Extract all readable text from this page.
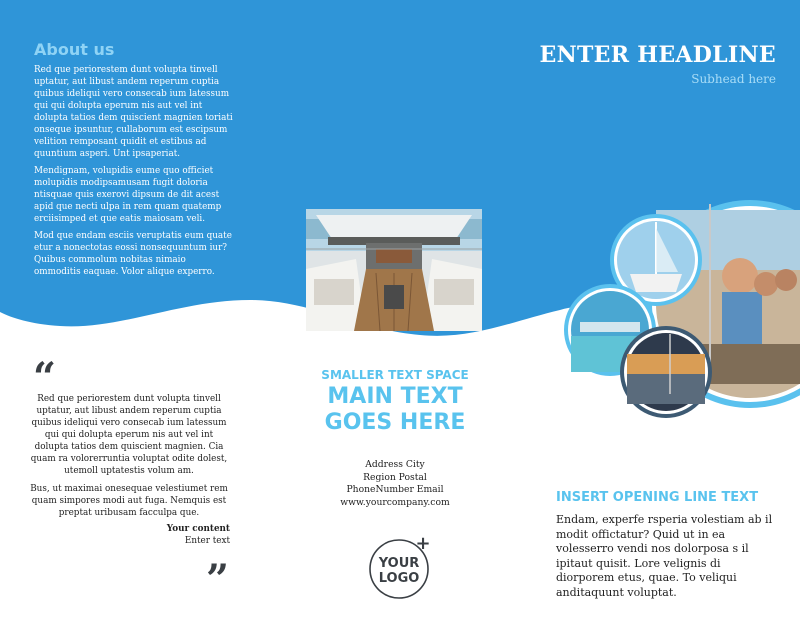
About us

Red que periorestem dunt volupta tinvell uptatur, aut libust andem reperum cuptia quibus ideliqui vero consecab ium latessum qui qui dolupta eperum nis aut vel int dolupta tatios dem quiscient magnien toriati onseque ipsuntur, cullaborum est escipsum velition remposant quidit et estibus ad quuntium asperi. Unt ipsaperiat.

Mendignam, volupidis eume quo officiet molupidis modipsamusam fugit doloria ntisquae quis exerovi dipsum de dit acest apid que necti ulpa in rem quam quatemp erciisimped et que eatis maiosam veli.

Mod que endam esciis veruptatis eum quate etur a nonectotas eossi nonsequuntum iur? Quibus commolum nobitas nimaio ommoditis eaquae. Volor alique experro.

ENTER HEADLINE
Subhead here
“

Red que periorestem dunt volupta tinvell uptatur, aut libust andem reperum cuptia quibus ideliqui vero consecab ium latessum qui qui dolupta eperum nis aut vel int dolupta tatios dem quiscient magnien. Cia quam ra volorerruntia voluptat odite dolest, utemoll uptatestis volum am.

Bus, ut maximai onesequae velestiumet rem quam simpores modi aut fuga. Nemquis est preptat uribusam facculpa que.

Your content
Enter text
”
SMALLER TEXT SPACE
MAIN TEXT
GOES HERE
Address City
Region Postal
PhoneNumber Email
www.yourcompany.com
YOUR
LOGO
+
INSERT OPENING LINE TEXT
Endam, experfe rsperia volestiam ab il modit offictatur? Quid ut in ea volesserro vendi nos dolorposa s il ipitaut quisit. Lore velignis di diorporem etus, quae. To veliqui anditaquunt voluptat.
